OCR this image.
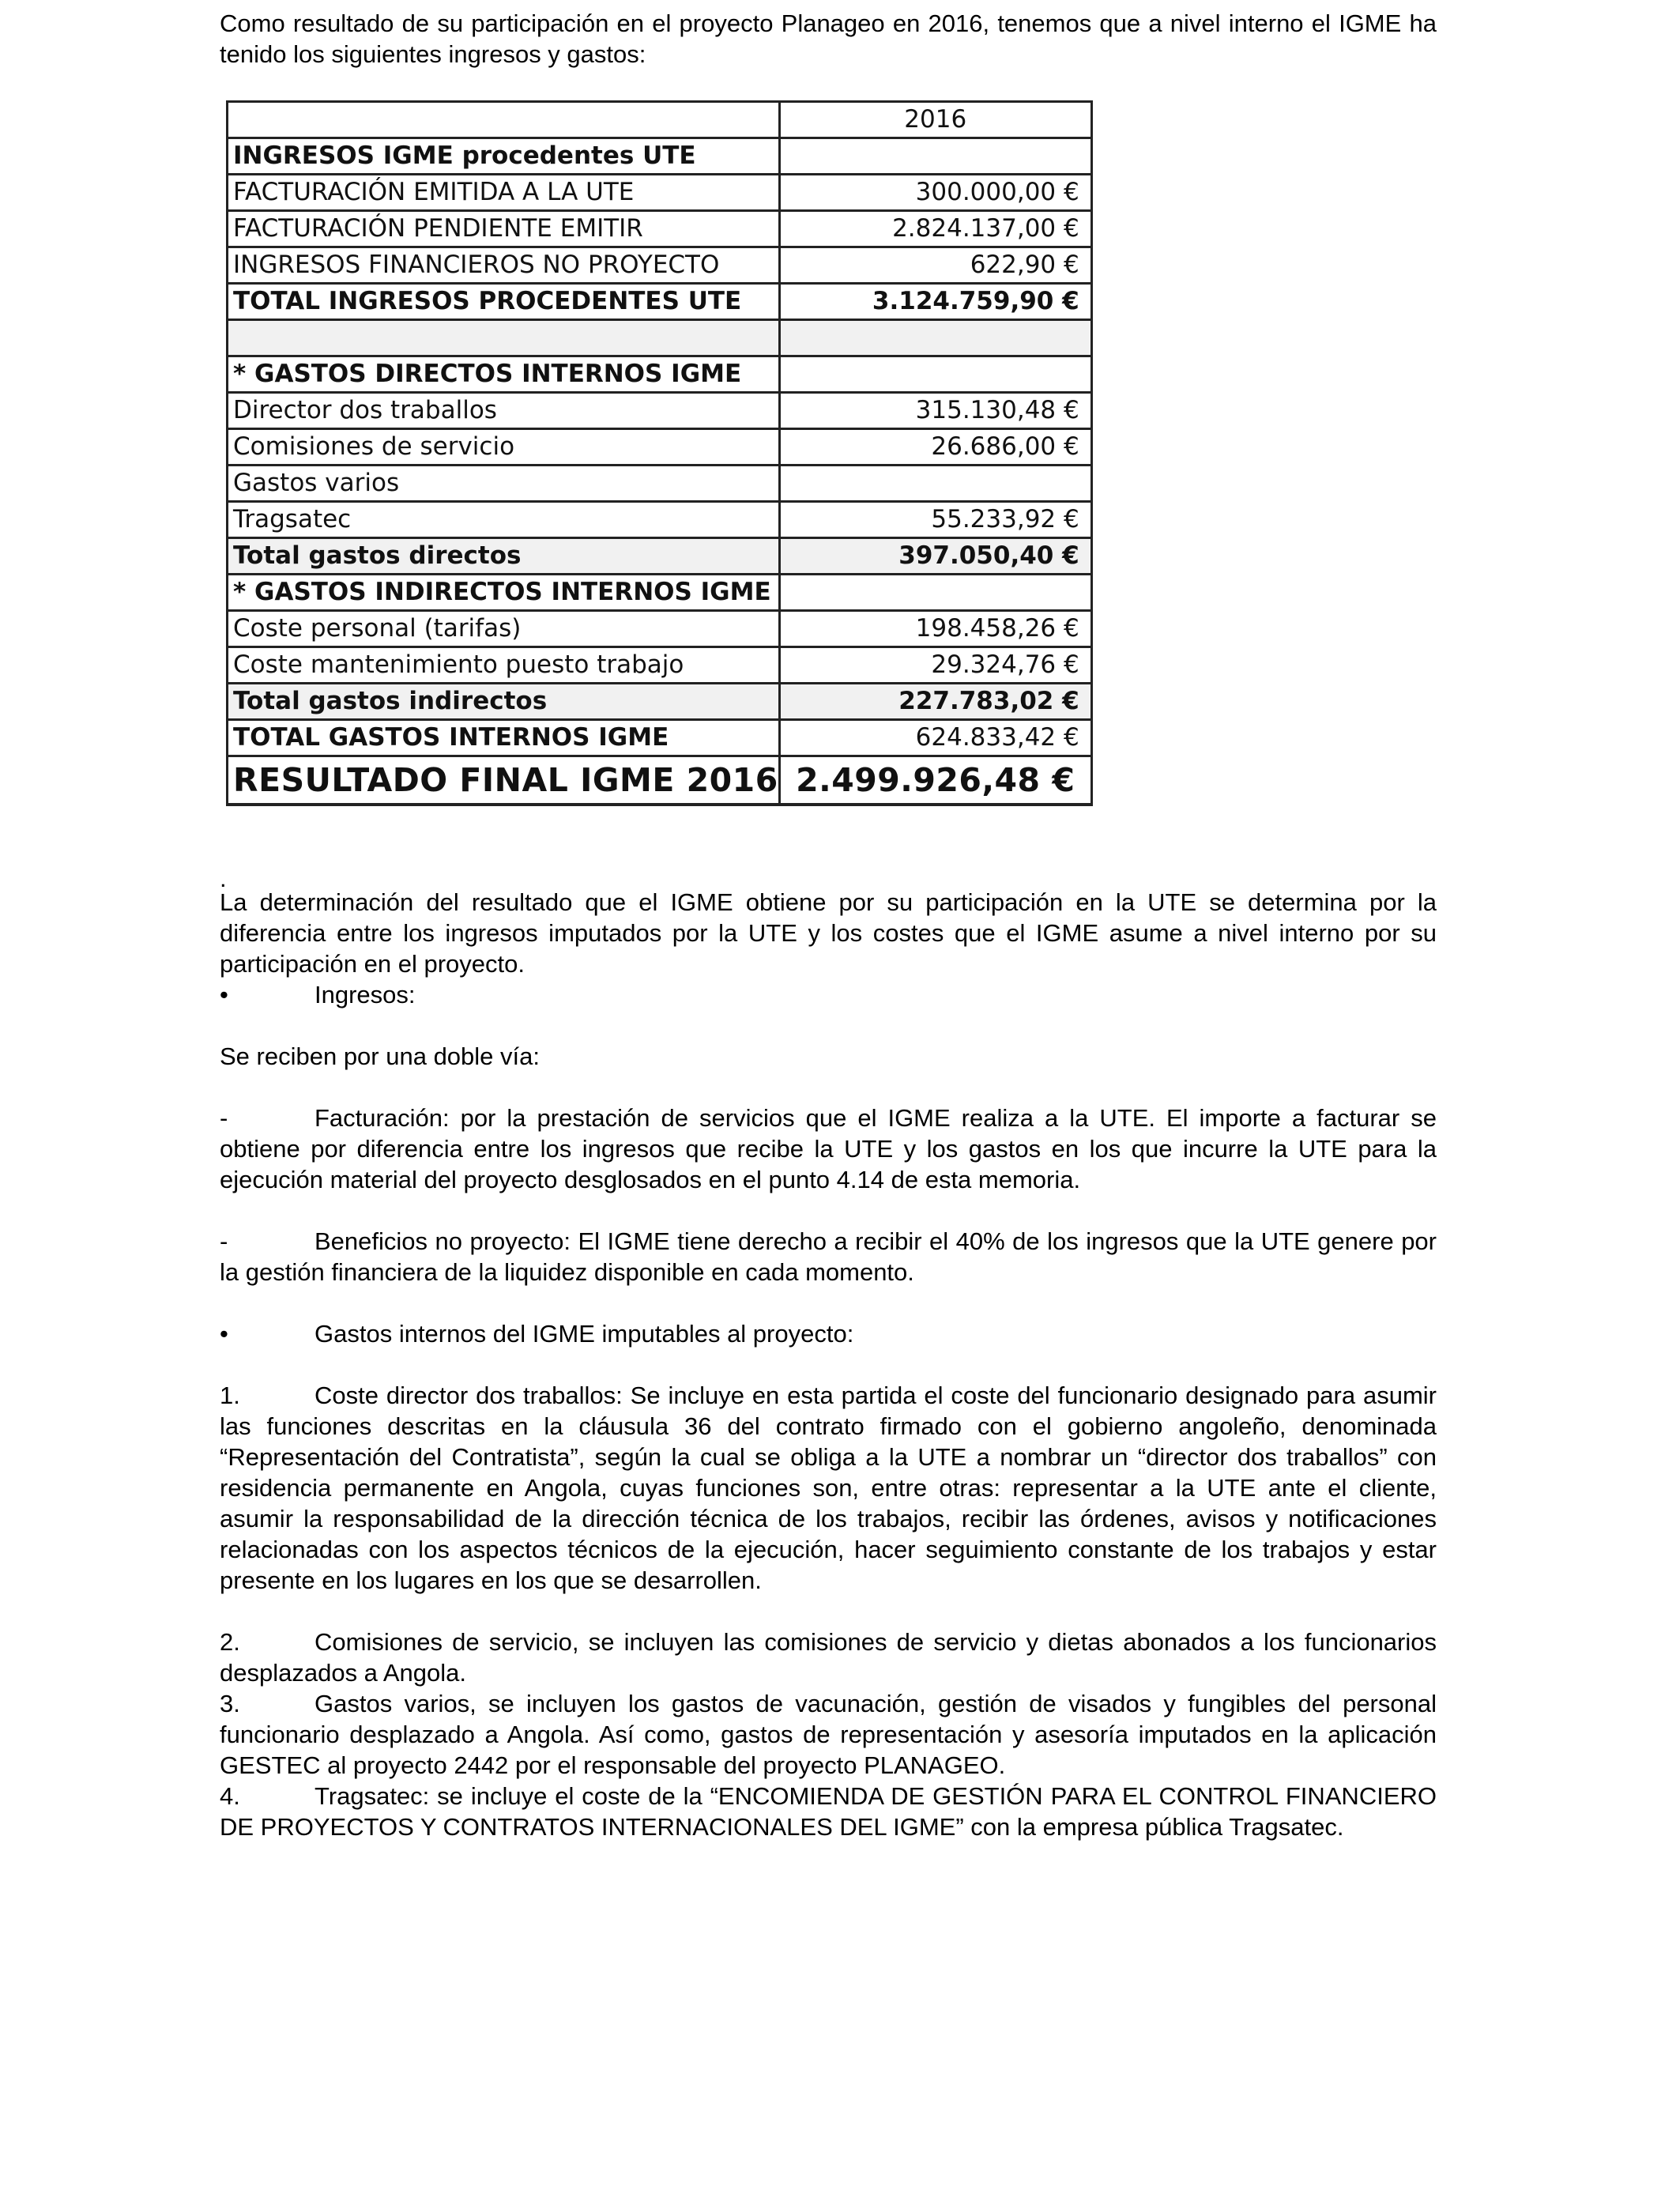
Como resultado de su participación en el proyecto Planageo en 2016, tenemos que a nivel interno el IGME ha tenido los siguientes ingresos y gastos:

	2016
INGRESOS IGME procedentes UTE	
FACTURACIÓN EMITIDA A LA UTE	300.000,00 €
FACTURACIÓN PENDIENTE EMITIR	2.824.137,00 €
INGRESOS FINANCIEROS NO PROYECTO	622,90 €
TOTAL INGRESOS PROCEDENTES UTE	3.124.759,90 €

* GASTOS DIRECTOS INTERNOS IGME	
Director dos traballos	315.130,48 €
Comisiones de servicio	26.686,00 €
Gastos varios	
Tragsatec	55.233,92 €
Total gastos directos	397.050,40 €
* GASTOS INDIRECTOS INTERNOS IGME	
Coste personal (tarifas)	198.458,26 €
Coste mantenimiento puesto trabajo	29.324,76 €
Total gastos indirectos	227.783,02 €
TOTAL GASTOS INTERNOS IGME	624.833,42 €
RESULTADO FINAL IGME 2016	2.499.926,48 €

.

La determinación del resultado que el IGME obtiene por su participación en la UTE se determina por la diferencia entre los ingresos imputados por la UTE y los costes que el IGME asume a nivel interno por su participación en el proyecto.

•	Ingresos:

Se reciben por una doble vía:

-	Facturación: por la prestación de servicios que el IGME realiza a la UTE. El importe a facturar se obtiene por diferencia entre los ingresos que recibe la UTE y los gastos en los que incurre la UTE para la ejecución material del proyecto desglosados en el punto 4.14 de esta memoria.
-	Beneficios no proyecto: El IGME tiene derecho a recibir el 40% de los ingresos que la UTE genere por la gestión financiera de la liquidez disponible en cada momento.
•	Gastos internos del IGME imputables al proyecto:
1.	Coste director dos traballos: Se incluye en esta partida el coste del funcionario designado para asumir las funciones descritas en la cláusula 36 del contrato firmado con el gobierno angoleño, denominada “Representación del Contratista”, según la cual se obliga a la UTE a nombrar un “director dos traballos” con residencia permanente en Angola, cuyas funciones son, entre otras: representar a la UTE ante el cliente, asumir la responsabilidad de la dirección técnica de los trabajos, recibir las órdenes, avisos y notificaciones relacionadas con los aspectos técnicos de la ejecución, hacer seguimiento constante de los trabajos y estar presente en los lugares en los que se desarrollen.
2.	Comisiones de servicio, se incluyen las comisiones de servicio y dietas abonados a los funcionarios desplazados a Angola.
3.	Gastos varios, se incluyen los gastos de vacunación, gestión de visados y fungibles del personal funcionario desplazado a Angola. Así como, gastos de representación y asesoría imputados en la aplicación GESTEC al proyecto 2442 por el responsable del proyecto PLANAGEO.
4.	Tragsatec: se incluye el coste de la “ENCOMIENDA DE GESTIÓN PARA EL CONTROL FINANCIERO DE PROYECTOS Y CONTRATOS INTERNACIONALES DEL IGME” con la empresa pública Tragsatec.
